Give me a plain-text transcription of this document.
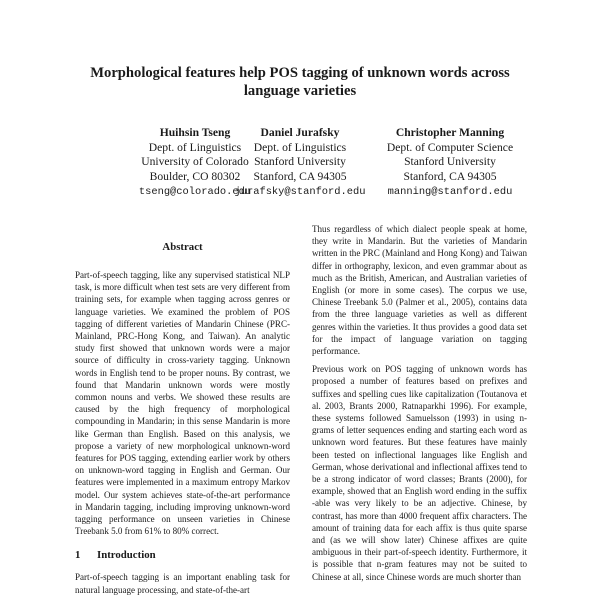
Morphological features help POS tagging of unknown words across
language varieties
Huihsin Tseng
Dept. of Linguistics
University of Colorado
Boulder, CO 80302
tseng@colorado.edu
Daniel Jurafsky
Dept. of Linguistics
Stanford University
Stanford, CA 94305
jurafsky@stanford.edu
Christopher Manning
Dept. of Computer Science
Stanford University
Stanford, CA 94305
manning@stanford.edu
Abstract

Part-of-speech tagging, like any supervised statistical NLP task, is more difficult when test sets are very different from training sets, for example when tagging across genres or language varieties. We examined the problem of POS tagging of different varieties of Mandarin Chinese (PRC-Mainland, PRC-Hong Kong, and Taiwan). An analytic study first showed that unknown words were a major source of difficulty in cross-variety tagging. Unknown words in English tend to be proper nouns. By contrast, we found that Mandarin unknown words were mostly common nouns and verbs. We showed these results are caused by the high frequency of morphological compounding in Mandarin; in this sense Mandarin is more like German than English. Based on this analysis, we propose a variety of new morphological unknown-word features for POS tagging, extending earlier work by others on unknown-word tagging in English and German. Our features were implemented in a maximum entropy Markov model. Our system achieves state-of-the-art performance in Mandarin tagging, including improving unknown-word tagging performance on unseen varieties in Chinese Treebank 5.0 from 61% to 80% correct.

1 Introduction

Part-of-speech tagging is an important enabling task for natural language processing, and state-of-the-art

Thus regardless of which dialect people speak at home, they write in Mandarin. But the varieties of Mandarin written in the PRC (Mainland and Hong Kong) and Taiwan differ in orthography, lexicon, and even grammar about as much as the British, American, and Australian varieties of English (or more in some cases). The corpus we use, Chinese Treebank 5.0 (Palmer et al., 2005), contains data from the three language varieties as well as different genres within the varieties. It thus provides a good data set for the impact of language variation on tagging performance.

Previous work on POS tagging of unknown words has proposed a number of features based on prefixes and suffixes and spelling cues like capitalization (Toutanova et al. 2003, Brants 2000, Ratnaparkhi 1996). For example, these systems followed Samuelsson (1993) in using n-grams of letter sequences ending and starting each word as unknown word features. But these features have mainly been tested on inflectional languages like English and German, whose derivational and inflectional affixes tend to be a strong indicator of word classes; Brants (2000), for example, showed that an English word ending in the suffix -able was very likely to be an adjective. Chinese, by contrast, has more than 4000 frequent affix characters. The amount of training data for each affix is thus quite sparse and (as we will show later) Chinese affixes are quite ambiguous in their part-of-speech identity. Furthermore, it is possible that n-gram features may not be suited to Chinese at all, since Chinese words are much shorter than
